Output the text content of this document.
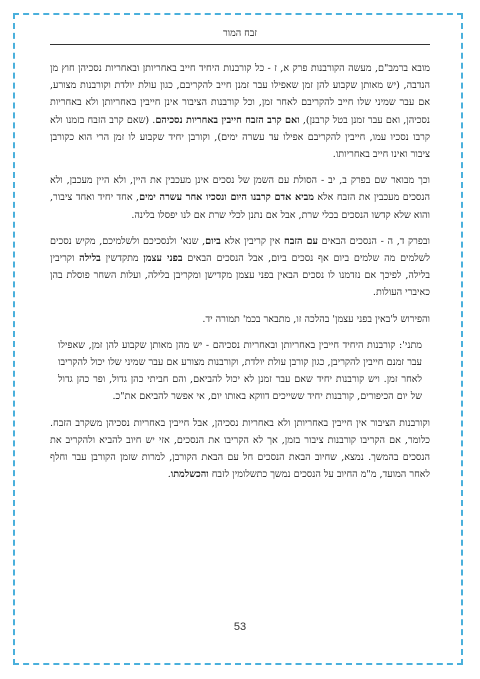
זבח המור

מובא ברמב"ם, מעשה הקורבנות פרק א, ז - כל קורבנות היחיד חייב באחריותן ובאחריות נסכיהן חוץ מן הנדבה, (יש מאותן שקבוע להן זמן שאפילו עבר זמנן חייב להקריבם, כגון עולת יולדת וקורבנות מצורע, אם עבר שמיני שלו חייב להקריבם לאחר זמן, וכל קורבנות הציבור אינן חייבין באחריותן ולא באחריות נסכיהן, ואם עבר זמנן בטל קרבנן), ואם קרב הזבח חייבין באחריות נסכיהם. (שאם קרב הזבח בזמנו ולא קרבו נסכיו עמו, חייבין להקריבם אפילו עד עשרה ימים), וקורבן יחיד שקבוע לו זמן הרי הוא כקורבן ציבור ואינו חייב באחריותו.

וכך מבואר שם בפרק ב, יב - הסולת עם השמן של נסכים אינן מעכבין את היין, ולא היין מעכבן, ולא הנסכים מעכבין את הזבח אלא מביא אדם קרבנו היום ונסכיו אחר עשרה ימים, אחד יחיד ואחד ציבור, והוא שלא קדשו הנסכים בכלי שרת, אבל אם נתנן לכלי שרת אם לנו יפסלו בלינה.

ובפרק ד, ה - הנסכים הבאים עם הזבח אין קריבין אלא ביום, שנא' ולנסכיכם ולשלמיכם, מקיש נסכים לשלמים מה שלמים ביום אף נסכים ביום, אבל הנסכים הבאים בפני עצמן מתקדשין בלילה וקריבין בלילה, לפיכך אם נזדמנו לו נסכים הבאין בפני עצמן מקדישן ומקריבן בלילה, ועלות השחר פוסלת בהן כאיברי העולות.

והפירוש ל'באין בפני עצמן' בהלכה זו, מתבאר בכמ' תמורה יד.

מתני': קורבנות היחיד חייבין באחריותן ובאחריות נסכיהם - יש מהן מאותן שקבוע להן זמן, שאפילו עבר זמנם חייבין להקריבן, כגון קורבן עולת יולדת, וקורבנות מצורע אם עבר שמיני שלו יכול להקריבו לאחר זמן. ויש קורבנות יחיד שאם עבר זמנן לא יכול להביאם, והם חביתי כהן גדול, ופר כהן גדול של יום הכיפורים, קורבנות יחיד ששייכים דווקא באותו יום, אי אפשר להביאם את"כ.

וקורבנות הציבור אין חייבין באחריותן ולא באחריות נסכיהן, אבל חייבין באחריות נסכיהן משקרב הזבח. כלומר, אם הקריבו קורבנות ציבור בזמן, אך לא הקריבו את הנסכים, אזי יש חיוב להביא ולהקריב את הנסכים בהמשך. נמצא, שחיוב הבאת הנסכים חל עם הבאת הקורבן, למרות שזמן הקורבן עבר וחלף לאחר המועד, מ"מ החיוב על הנסכים נמשך כתשלומין לזבח והכשלמתו.

53
